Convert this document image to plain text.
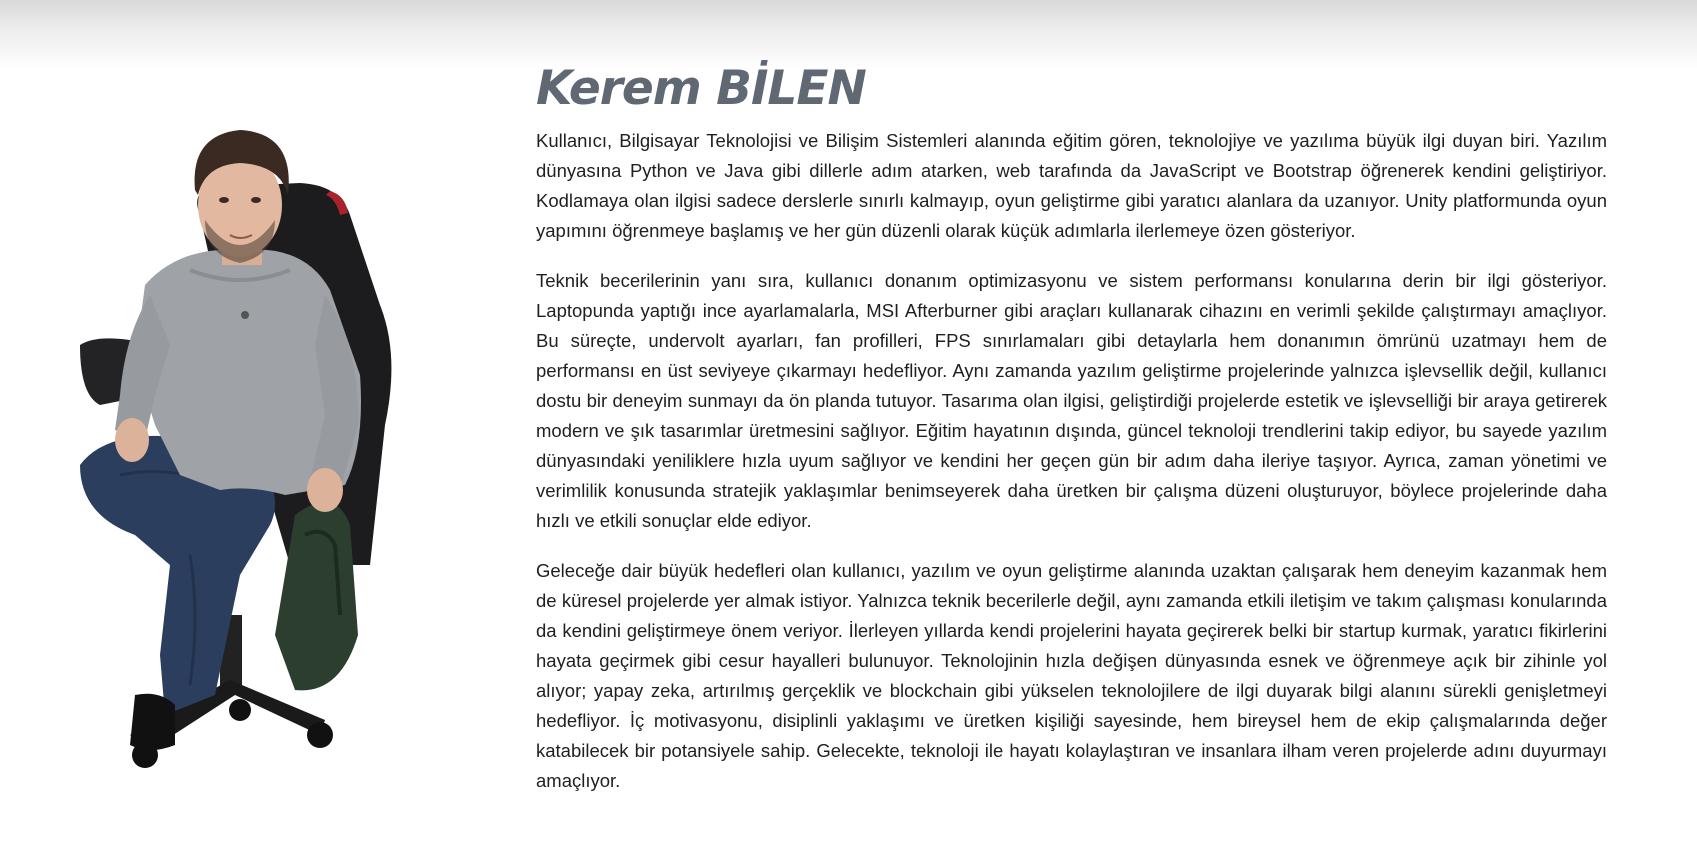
Kerem BİLEN

Kullanıcı, Bilgisayar Teknolojisi ve Bilişim Sistemleri alanında eğitim gören, teknolojiye ve yazılıma büyük ilgi duyan biri. Yazılım dünyasına Python ve Java gibi dillerle adım atarken, web tarafında da JavaScript ve Bootstrap öğrenerek kendini geliştiriyor. Kodlamaya olan ilgisi sadece derslerle sınırlı kalmayıp, oyun geliştirme gibi yaratıcı alanlara da uzanıyor. Unity platformunda oyun yapımını öğrenmeye başlamış ve her gün düzenli olarak küçük adımlarla ilerlemeye özen gösteriyor.

Teknik becerilerinin yanı sıra, kullanıcı donanım optimizasyonu ve sistem performansı konularına derin bir ilgi gösteriyor. Laptopunda yaptığı ince ayarlamalarla, MSI Afterburner gibi araçları kullanarak cihazını en verimli şekilde çalıştırmayı amaçlıyor. Bu süreçte, undervolt ayarları, fan profilleri, FPS sınırlamaları gibi detaylarla hem donanımın ömrünü uzatmayı hem de performansı en üst seviyeye çıkarmayı hedefliyor. Aynı zamanda yazılım geliştirme projelerinde yalnızca işlevsellik değil, kullanıcı dostu bir deneyim sunmayı da ön planda tutuyor. Tasarıma olan ilgisi, geliştirdiği projelerde estetik ve işlevselliği bir araya getirerek modern ve şık tasarımlar üretmesini sağlıyor. Eğitim hayatının dışında, güncel teknoloji trendlerini takip ediyor, bu sayede yazılım dünyasındaki yeniliklere hızla uyum sağlıyor ve kendini her geçen gün bir adım daha ileriye taşıyor. Ayrıca, zaman yönetimi ve verimlilik konusunda stratejik yaklaşımlar benimseyerek daha üretken bir çalışma düzeni oluşturuyor, böylece projelerinde daha hızlı ve etkili sonuçlar elde ediyor.

Geleceğe dair büyük hedefleri olan kullanıcı, yazılım ve oyun geliştirme alanında uzaktan çalışarak hem deneyim kazanmak hem de küresel projelerde yer almak istiyor. Yalnızca teknik becerilerle değil, aynı zamanda etkili iletişim ve takım çalışması konularında da kendini geliştirmeye önem veriyor. İlerleyen yıllarda kendi projelerini hayata geçirerek belki bir startup kurmak, yaratıcı fikirlerini hayata geçirmek gibi cesur hayalleri bulunuyor. Teknolojinin hızla değişen dünyasında esnek ve öğrenmeye açık bir zihinle yol alıyor; yapay zeka, artırılmış gerçeklik ve blockchain gibi yükselen teknolojilere de ilgi duyarak bilgi alanını sürekli genişletmeyi hedefliyor. İç motivasyonu, disiplinli yaklaşımı ve üretken kişiliği sayesinde, hem bireysel hem de ekip çalışmalarında değer katabilecek bir potansiyele sahip. Gelecekte, teknoloji ile hayatı kolaylaştıran ve insanlara ilham veren projelerde adını duyurmayı amaçlıyor.
